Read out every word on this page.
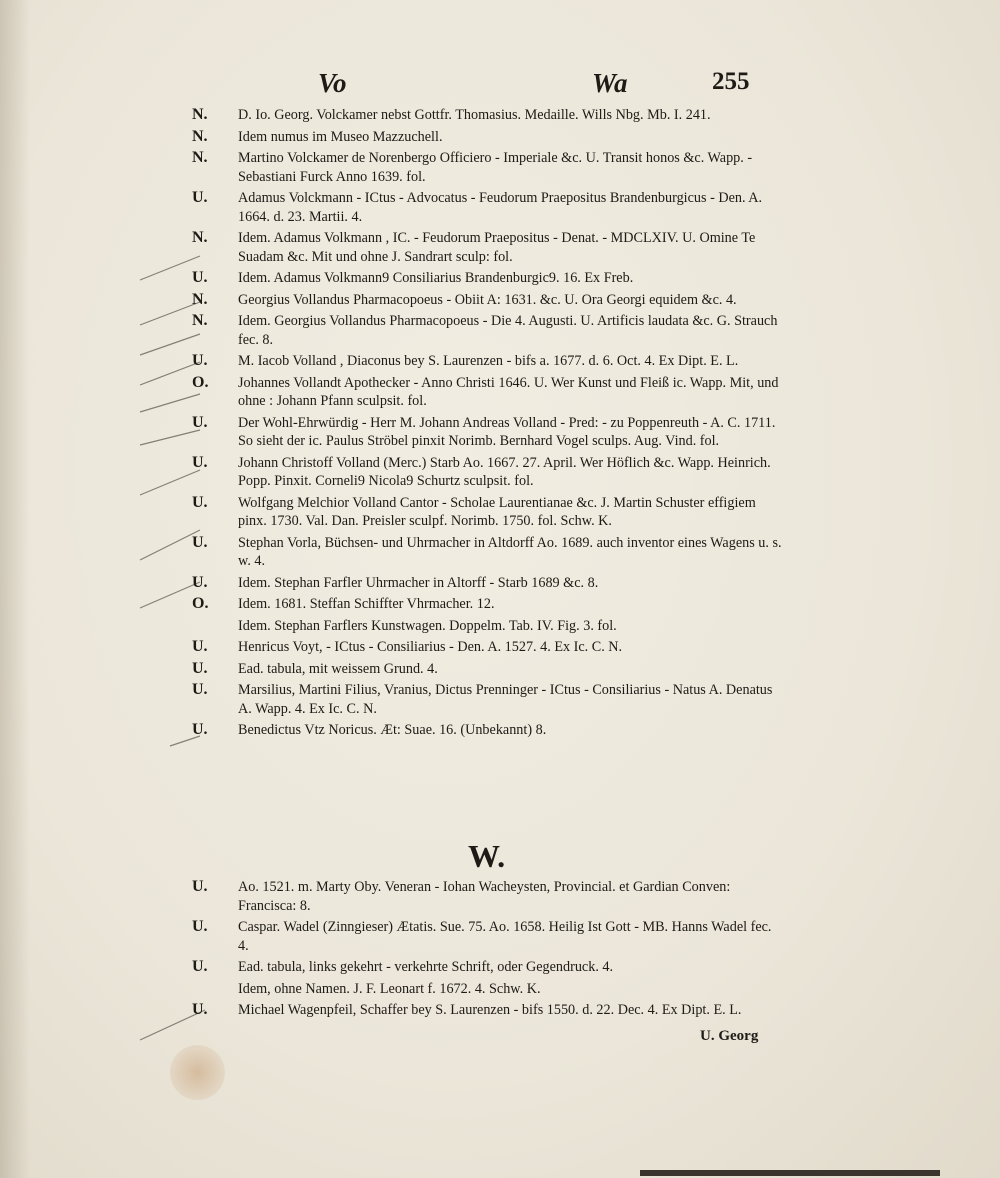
Vo	Wa	255
N.	D. Io. Georg. Volckamer nebst Gottfr. Thomasius. Medaille. Wills Nbg. Mb. I. 241.
N.	Idem numus im Museo Mazzuchell.
N.	Martino Volckamer de Norenbergo Officiero - Imperiale &c. U. Transit honos &c. Wapp. - Sebastiani Furck Anno 1639. fol.
U.	Adamus Volckmann - ICtus - Advocatus - Feudorum Praepositus Brandenburgicus - Den. A. 1664. d. 23. Martii. 4.
N.	Idem. Adamus Volkmann , IC. - Feudorum Praepositus - Denat. - MDCLXIV. U. Omine Te Suadam &c. Mit und ohne J. Sandrart sculp: fol.
U.	Idem. Adamus Volkmann9 Consiliarius Brandenburgic9. 16. Ex Freb.
N.	Georgius Vollandus Pharmacopoeus - Obiit A: 1631. &c. U. Ora Georgi equidem &c. 4.
N.	Idem. Georgius Vollandus Pharmacopoeus - Die 4. Augusti. U. Artificis laudata &c. G. Strauch fec. 8.
U.	M. Iacob Volland , Diaconus bey S. Laurenzen - bifs a. 1677. d. 6. Oct. 4. Ex Dipt. E. L.
O.	Johannes Vollandt Apothecker - Anno Christi 1646. U. Wer Kunst und Fleiß ic. Wapp. Mit, und ohne : Johann Pfann sculpsit. fol.
U.	Der Wohl-Ehrwürdig - Herr M. Johann Andreas Volland - Pred: - zu Poppenreuth - A. C. 1711. So sieht der ic. Paulus Ströbel pinxit Norimb. Bernhard Vogel sculps. Aug. Vind. fol.
U.	Johann Christoff Volland (Merc.) Starb Ao. 1667. 27. April. Wer Höflich &c. Wapp. Heinrich. Popp. Pinxit. Corneli9 Nicola9 Schurtz sculpsit. fol.
U.	Wolfgang Melchior Volland Cantor - Scholae Laurentianae &c. J. Martin Schuster effigiem pinx. 1730. Val. Dan. Preisler sculpf. Norimb. 1750. fol. Schw. K.
U.	Stephan Vorla, Büchsen- und Uhrmacher in Altdorff Ao. 1689. auch inventor eines Wagens u. s. w. 4.
U.	Idem. Stephan Farfler Uhrmacher in Altorff - Starb 1689 &c. 8.
O.	Idem. 1681. Steffan Schiffter Vhrmacher. 12.
Idem. Stephan Farflers Kunstwagen. Doppelm. Tab. IV. Fig. 3. fol.
U.	Henricus Voyt, - ICtus - Consiliarius - Den. A. 1527. 4. Ex Ic. C. N.
U.	Ead. tabula, mit weissem Grund. 4.
U.	Marsilius, Martini Filius, Vranius, Dictus Prenninger - ICtus - Consiliarius - Natus A. Denatus A. Wapp. 4. Ex Ic. C. N.
U.	Benedictus Vtz Noricus. Æt: Suae. 16. (Unbekannt) 8.
W.
U.	Ao. 1521. m. Marty Oby. Veneran - Iohan Wacheysten, Provincial. et Gardian Conven: Francisca: 8.
U.	Caspar. Wadel (Zinngieser) Ætatis. Sue. 75. Ao. 1658. Heilig Ist Gott - MB. Hanns Wadel fec. 4.
U.	Ead. tabula, links gekehrt - verkehrte Schrift, oder Gegendruck. 4.
Idem, ohne Namen. J. F. Leonart f. 1672. 4. Schw. K.
U.	Michael Wagenpfeil, Schaffer bey S. Laurenzen - bifs 1550. d. 22. Dec. 4. Ex Dipt. E. L.
U. Georg
